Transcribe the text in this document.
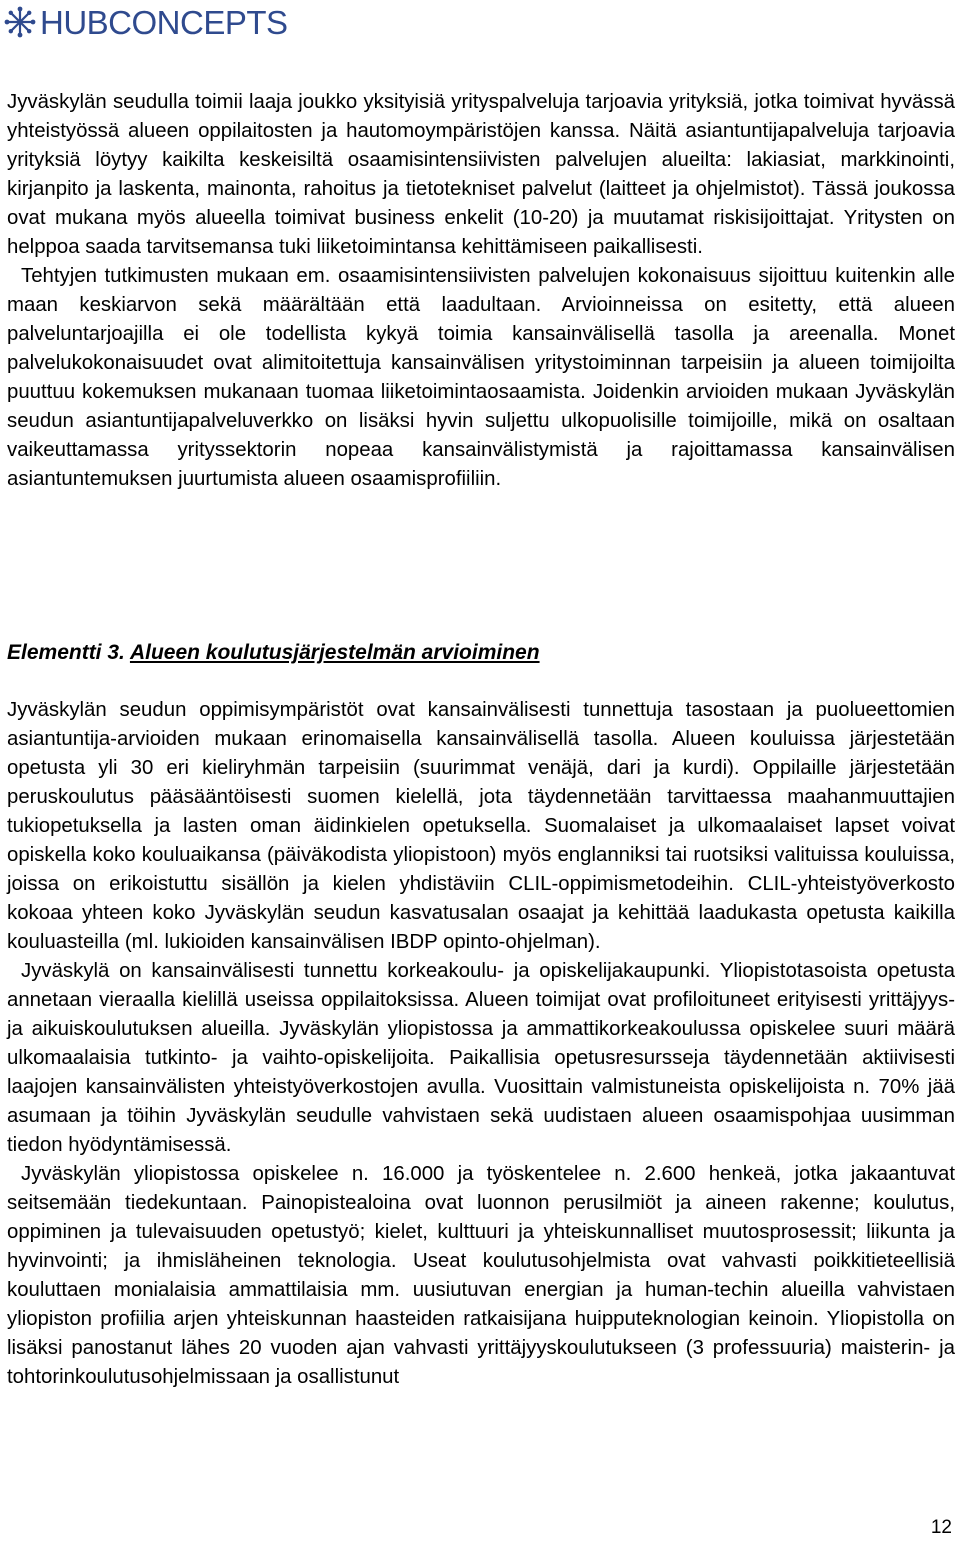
HUBCONCEPTS

Jyväskylän seudulla toimii laaja joukko yksityisiä yrityspalveluja tarjoavia yrityksiä, jotka toimivat hyvässä yhteistyössä alueen oppilaitosten ja hautomoympäristöjen kanssa. Näitä asiantuntijapalveluja tarjoavia yrityksiä löytyy kaikilta keskeisiltä osaamisintensiivisten palvelujen alueilta: lakiasiat, markkinointi, kirjanpito ja laskenta, mainonta, rahoitus ja tietotekniset palvelut (laitteet ja ohjelmistot). Tässä joukossa ovat mukana myös alueella toimivat business enkelit (10-20) ja muutamat riskisijoittajat. Yritysten on helppoa saada tarvitsemansa tuki liiketoimintansa kehittämiseen paikallisesti.

Tehtyjen tutkimusten mukaan em. osaamisintensiivisten palvelujen kokonaisuus sijoittuu kuitenkin alle maan keskiarvon sekä määrältään että laadultaan. Arvioinneissa on esitetty, että alueen palveluntarjoajilla ei ole todellista kykyä toimia kansainvälisellä tasolla ja areenalla. Monet palvelukokonaisuudet ovat alimitoitettuja kansainvälisen yritystoiminnan tarpeisiin ja alueen toimijoilta puuttuu kokemuksen mukanaan tuomaa liiketoimintaosaamista. Joidenkin arvioiden mukaan Jyväskylän seudun asiantuntijapalveluverkko on lisäksi hyvin suljettu ulkopuolisille toimijoille, mikä on osaltaan vaikeuttamassa yrityssektorin nopeaa kansainvälistymistä ja rajoittamassa kansainvälisen asiantuntemuksen juurtumista alueen osaamisprofiiliin.

Elementti 3. Alueen koulutusjärjestelmän arvioiminen

Jyväskylän seudun oppimisympäristöt ovat kansainvälisesti tunnettuja tasostaan ja puolueettomien asiantuntija-arvioiden mukaan erinomaisella kansainvälisellä tasolla. Alueen kouluissa järjestetään opetusta yli 30 eri kieliryhmän tarpeisiin (suurimmat venäjä, dari ja kurdi). Oppilaille järjestetään peruskoulutus pääsääntöisesti suomen kielellä, jota täydennetään tarvittaessa maahanmuuttajien tukiopetuksella ja lasten oman äidinkielen opetuksella. Suomalaiset ja ulkomaalaiset lapset voivat opiskella koko kouluaikansa (päiväkodista yliopistoon) myös englanniksi tai ruotsiksi valituissa kouluissa, joissa on erikoistuttu sisällön ja kielen yhdistäviin CLIL-oppimismetodeihin. CLIL-yhteistyöverkosto kokoaa yhteen koko Jyväskylän seudun kasvatusalan osaajat ja kehittää laadukasta opetusta kaikilla kouluasteilla (ml. lukioiden kansainvälisen IBDP opinto-ohjelman).

Jyväskylä on kansainvälisesti tunnettu korkeakoulu- ja opiskelijakaupunki. Yliopistotasoista opetusta annetaan vieraalla kielillä useissa oppilaitoksissa. Alueen toimijat ovat profiloituneet erityisesti yrittäjyys- ja aikuiskoulutuksen alueilla. Jyväskylän yliopistossa ja ammattikorkeakoulussa opiskelee suuri määrä ulkomaalaisia tutkinto- ja vaihto-opiskelijoita. Paikallisia opetusresursseja täydennetään aktiivisesti laajojen kansainvälisten yhteistyöverkostojen avulla. Vuosittain valmistuneista opiskelijoista n. 70% jää asumaan ja töihin Jyväskylän seudulle vahvistaen sekä uudistaen alueen osaamispohjaa uusimman tiedon hyödyntämisessä.

Jyväskylän yliopistossa opiskelee n. 16.000 ja työskentelee n. 2.600 henkeä, jotka jakaantuvat seitsemään tiedekuntaan. Painopistealoina ovat luonnon perusilmiöt ja aineen rakenne; koulutus, oppiminen ja tulevaisuuden opetustyö; kielet, kulttuuri ja yhteiskunnalliset muutosprosessit; liikunta ja hyvinvointi; ja ihmisläheinen teknologia. Useat koulutusohjelmista ovat vahvasti poikkitieteellisiä kouluttaen monialaisia ammattilaisia mm. uusiutuvan energian ja human-techin alueilla vahvistaen yliopiston profiilia arjen yhteiskunnan haasteiden ratkaisijana huipputeknologian keinoin. Yliopistolla on lisäksi panostanut lähes 20 vuoden ajan vahvasti yrittäjyyskoulutukseen (3 professuuria) maisterin- ja tohtorinkoulutusohjelmissaan ja osallistunut

12
